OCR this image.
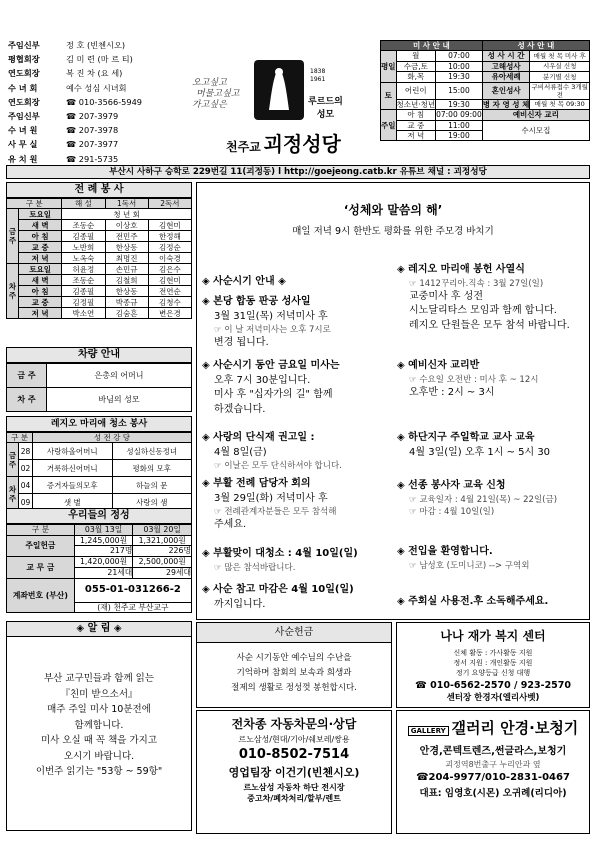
주임신부	정 호 (빈첸시오)
평협회장	김 미 련 (마 르 티)
연도회장	복 진 차 (요 세)
수 녀 회	예수 성심 시녀회
연도회장	☎ 010-3566-5949
주임신부	☎ 207-3979
수 녀 원	☎ 207-3978
사 무 실	☎ 207-3977
유 치 원	☎ 291-5735
오고싶고
머물고싶고
가고싶은
1838 1961
루르드의
성모
천주교 괴정성당
미 사 안 내			성 사 안 내	
평일	월	07:00	성 사 시 간	매월 첫 목 미사 후
	수금,토	10:00	고해성사	시우실 신청
	화,목	19:30	유아세례	분기별 신청
토	어린이	15:00	혼인성사	구비서류접수 3개월 전
	청소년·청년	19:30	병 자 영 성 체	매월 첫 목 09:30
주일	아 침	07:00 09:00	예비신자 교리	
	교 중	11:00	수시모집	
	저 녁	19:00		
부산시 사하구 승학로 229번길 11(괴정동) l http://goejeong.catb.kr 유튜브 채널 : 괴정성당
전 례 봉 사
구 분		해 설	1독서	2독서
금 주	토요일	청 년 회		
	새 벽	조동순	이상호	김현미
	아 침	김종필	전민주	한정해
	교 중	노반희	한상동	김정순
	저 녁	노옥숙	최명진	이숙경
차 주	토요일	허윤정	손민규	김은수
	새 벽	조동순	김철희	김현미
	아 침	김종필	한상동	전연순
	교 중	김정필	박종규	김청수
	저 녁	박소연	김숨흔	변은경
차량 안내
금 주	은총의 어머니
차 주	바님의 성모
레지오 마리애 청소 봉사
구 분		성 전 강 당	
금 주	28	사랑하올어머니	성실하신동정녀
	02	거룩하신어머니	평화의 모후
차 주	04	증거자들의모후	하늘의 문
	09	샛 별	사랑의 샘
우리들의 정성
구 분	03월 13일	03월 20일
주일헌금	1,245,000원	1,321,000원
	217명	226명
교 무 금	1,420,000원	2,500,000원
	21세대	29세대
계좌번호 (부산)	055-01-031266-2	
	(재) 천주교 부산교구	
◈ 알 림 ◈
부산 교구민들과 함께 읽는
『친미 받으소서』
매주 주일 미사 10분전에
함께합니다.
미사 오실 때 꼭 책을 가지고
오시기 바랍니다.
이번주 읽기는 "53항 ~ 59항"
‘성체와 말씀의 해’
매일 저녁 9시 한반도 평화를 위한 주모경 바치기
◈ 사순시기 안내 ◈
◈ 본당 합동 판공 성사일
3월 31일(목) 저녁미사 후
☞ 이 날 저녁미사는 오후 7시로
변경 됩니다.
◈ 사순시기 동안 금요일 미사는
오후 7시 30분입니다.
미사 후 "십자가의 길" 함께
하겠습니다.
◈ 사랑의 단식재 권고일 :
4월 8일(금)
☞ 이날은 모두 단식하셔야 합니다.
◈ 부활 전례 담당자 회의
3월 29일(화) 저녁미사 후
☞ 전례관계자분들은 모두 참석해
주세요.
◈ 부활맞이 대청소 : 4월 10일(일)
☞ 많은 참석바랍니다.
◈ 사순 참고 마감은 4월 10일(일)
까지입니다.
◈ 레지오 마리애 봉헌 사열식
☞ 1412꾸리아.직속 : 3월 27일(일)
교중미사 후 성전
시노달리타스 모임과 함께 합니다.
레지오 단원들은 모두 참석 바랍니다.
◈ 예비신자 교리반
☞ 수요일 오전반 : 미사 후 ~ 12시
오후반 : 2시 ~ 3시
◈ 하단지구 주일학교 교사 교육
4월 3일(일) 오후 1시 ~ 5시 30
◈ 선종 봉사자 교육 신청
☞ 교육일자 : 4월 21일(목) ~ 22일(금)
☞ 마감 : 4월 10일(일)
◈ 전입을 환영합니다.
☞ 남성호 (도미니코) --> 구역외
◈ 주회실 사용전.후 소독해주세요.
사순헌금
사순 시기동안 예수님의 수난을
기억하며 참회의 보속과 희생과
절제의 생활로 정성껏 봉헌합시다.
전차종 자동차문의·상담
르노삼성/현대/기아/쉐보레/쌍용
010-8502-7514
영업팀장 이건기(빈첸시오)
르노삼성 자동차 하단 전시장
중고차/폐차처리/할부/렌트
나나 재가 복지 센터
신체 활동 : 가사활동 지원
정서 지원 : 개인활동 지원
정기 요양등급 신청 대행
☎ 010-6562-2570 / 923-2570
센터장 한경자(엘리사벳)
GALLERY 갤러리 안경·보청기
안경,콘텍트렌즈,썬글라스,보청기
괴정역8번출구 누리안과 옆
☎204-9977/010-2831-0467
대표: 임영호(시몬) 오귀례(리디아)
